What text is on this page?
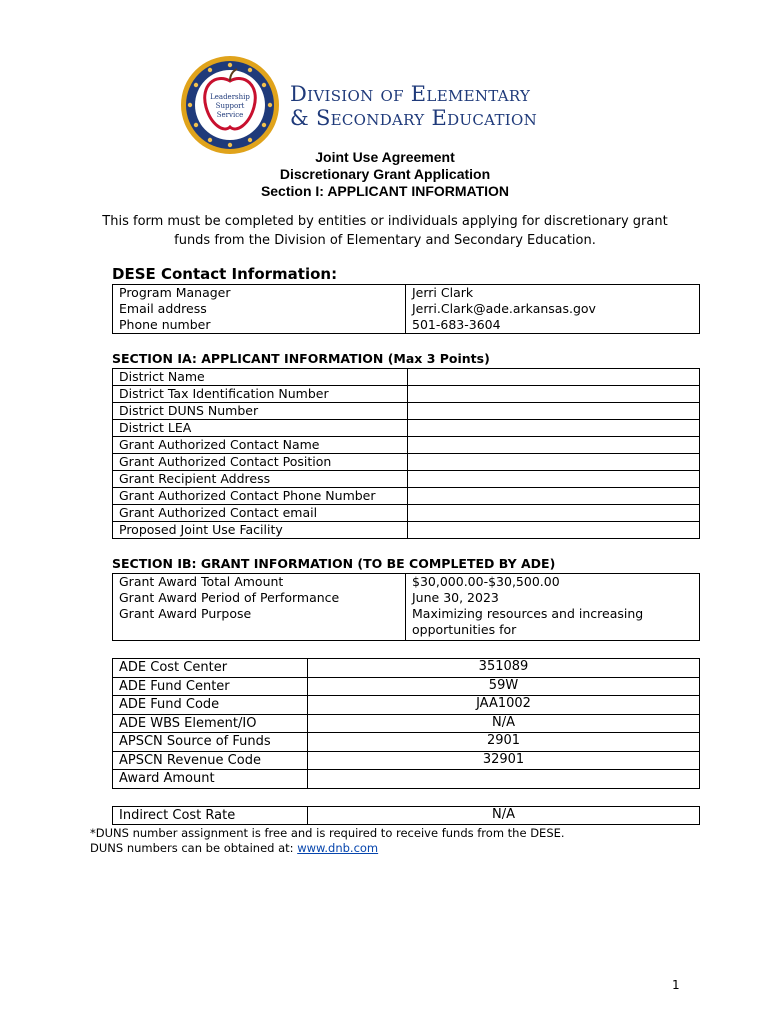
Leadership
Support
Service
Division of Elementary
& Secondary Education
Joint Use Agreement
Discretionary Grant Application
Section I: APPLICANT INFORMATION
This form must be completed by entities or individuals applying for discretionary grant funds from the Division of Elementary and Secondary Education.
DESE Contact Information:
Program Manager	Jerri Clark
Email address	Jerri.Clark@ade.arkansas.gov
Phone number	501-683-3604
SECTION IA: APPLICANT INFORMATION (Max 3 Points)
District Name	
District Tax Identification Number	
District DUNS Number	
District LEA	
Grant Authorized Contact Name	
Grant Authorized Contact Position	
Grant Recipient Address	
Grant Authorized Contact Phone Number	
Grant Authorized Contact email	
Proposed Joint Use Facility	
SECTION IB: GRANT INFORMATION (TO BE COMPLETED BY ADE)
Grant Award Total Amount	$30,000.00-$30,500.00
Grant Award Period of Performance	June 30, 2023
Grant Award Purpose	Maximizing resources and increasing opportunities for
ADE Cost Center	351089
ADE Fund Center	59W
ADE Fund Code	JAA1002
ADE WBS Element/IO	N/A
APSCN Source of Funds	2901
APSCN Revenue Code	32901
Award Amount	
Indirect Cost Rate	N/A
*DUNS number assignment is free and is required to receive funds from the DESE.
DUNS numbers can be obtained at: www.dnb.com
1
